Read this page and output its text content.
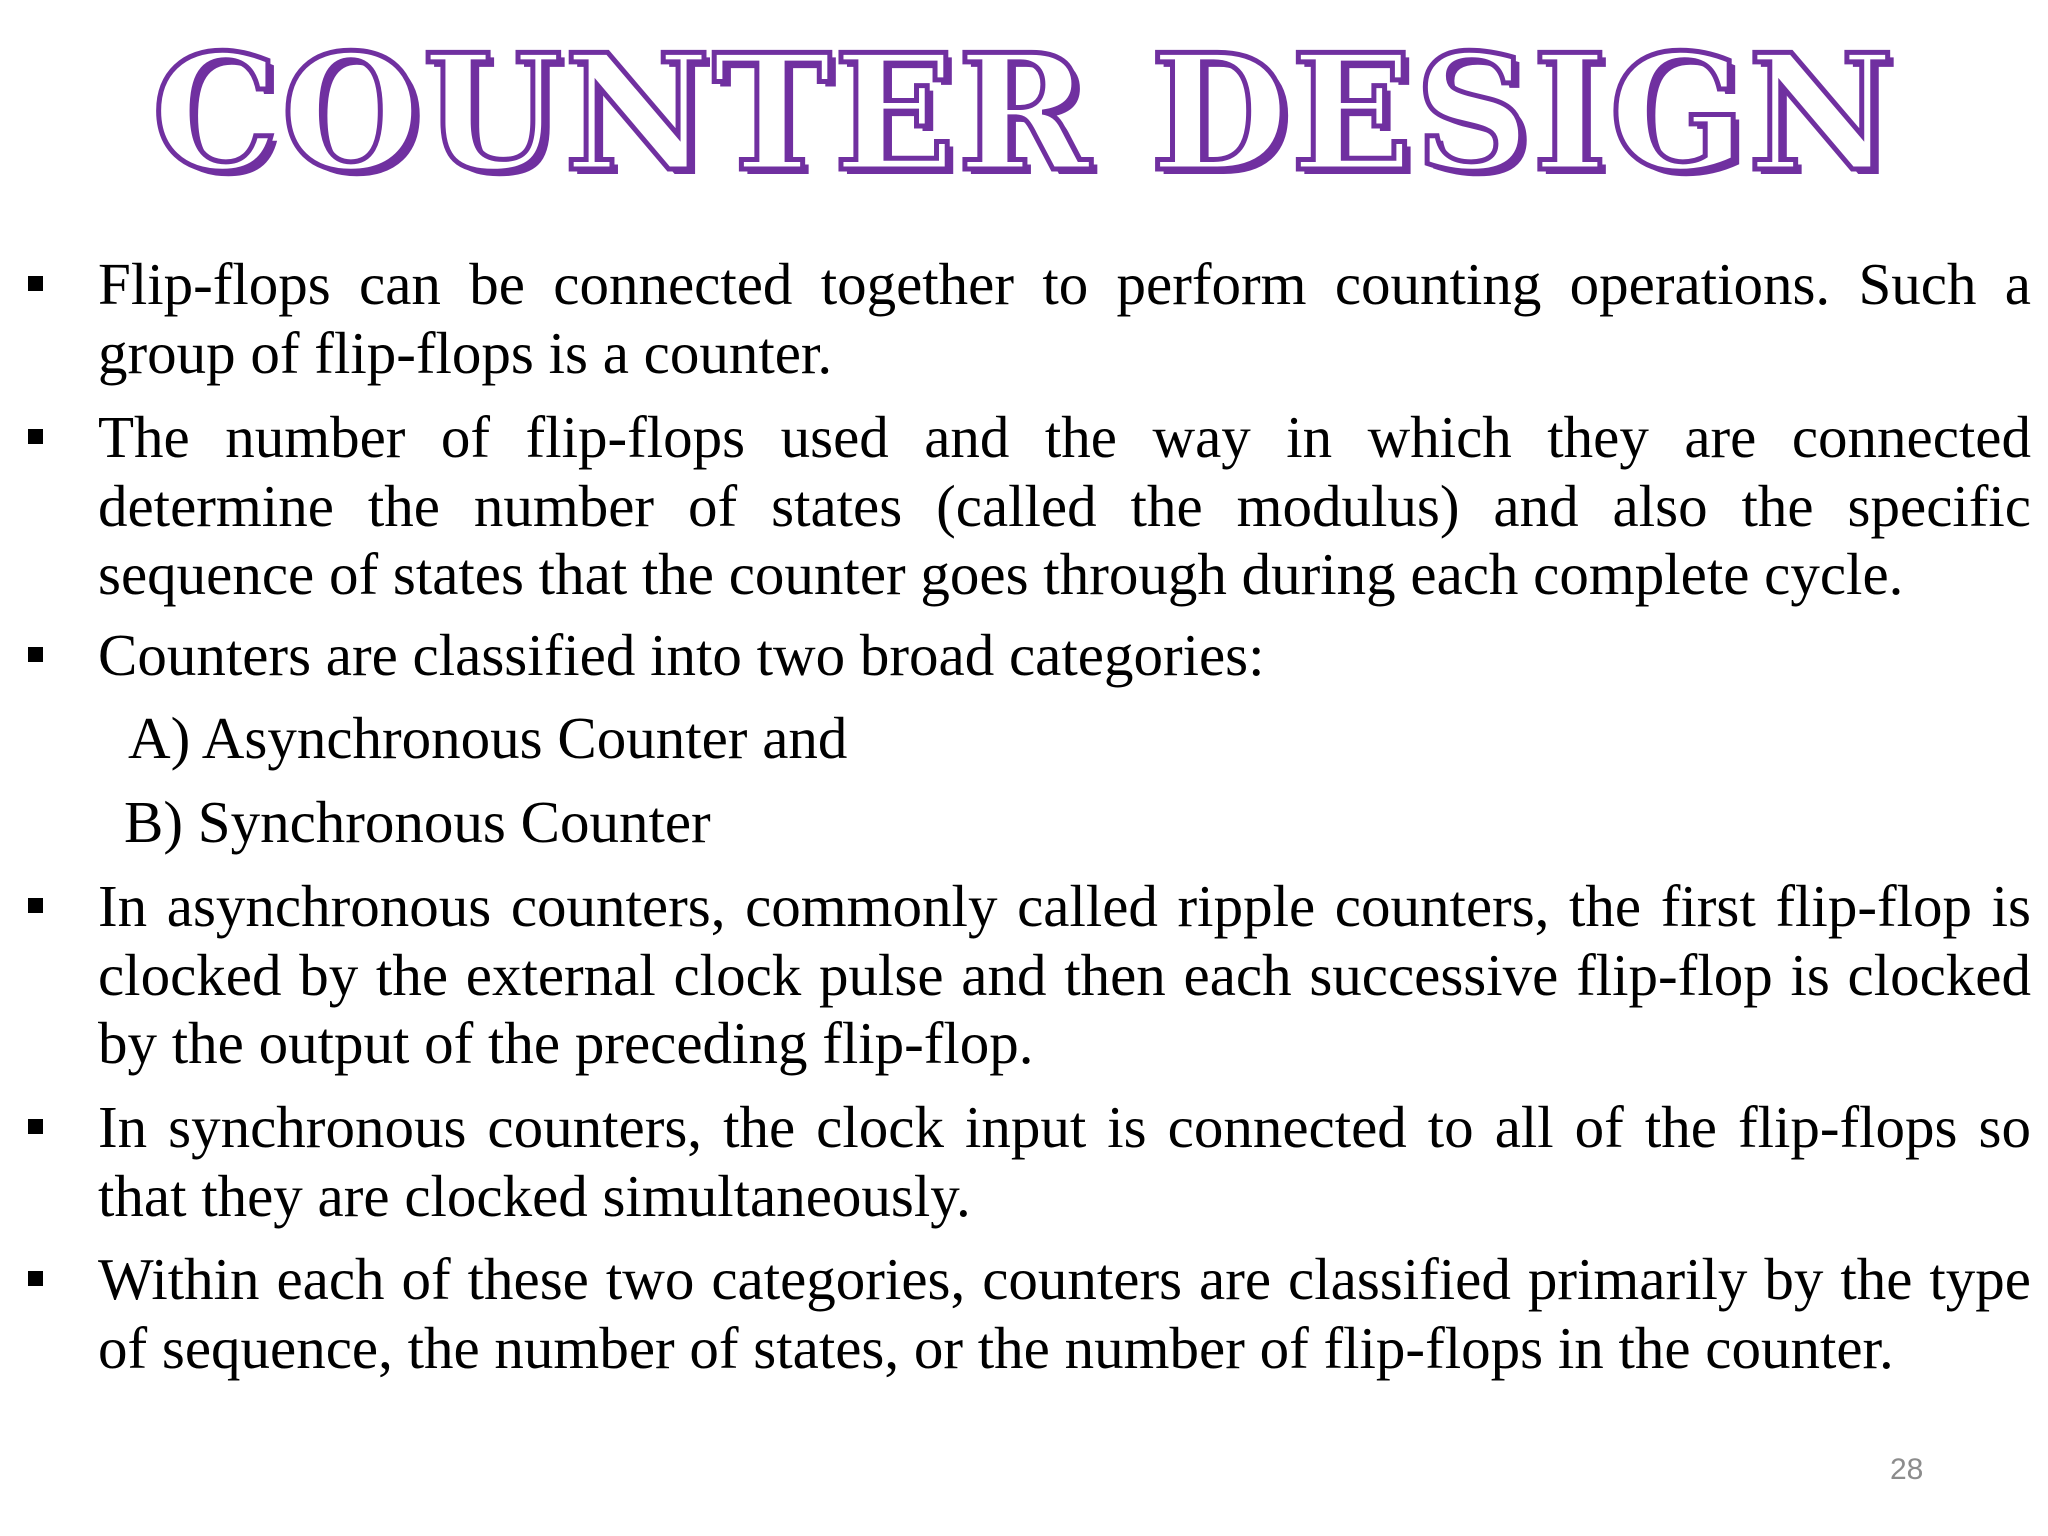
COUNTER DESIGN
Flip-flops can be connected together to perform counting operations. Such a group of flip-flops is a counter.
The number of flip-flops used and the way in which they are connected determine the number of states (called the modulus) and also the specific sequence of states that the counter goes through during each complete cycle.
Counters are classified into two broad categories:
A) Asynchronous Counter and
B) Synchronous Counter
In asynchronous counters, commonly called ripple counters, the first flip-flop is clocked by the external clock pulse and then each successive flip-flop is clocked by the output of the preceding flip-flop.
In synchronous counters, the clock input is connected to all of the flip-flops so that they are clocked simultaneously.
Within each of these two categories, counters are classified primarily by the type of sequence, the number of states, or the number of flip-flops in the counter.
28
